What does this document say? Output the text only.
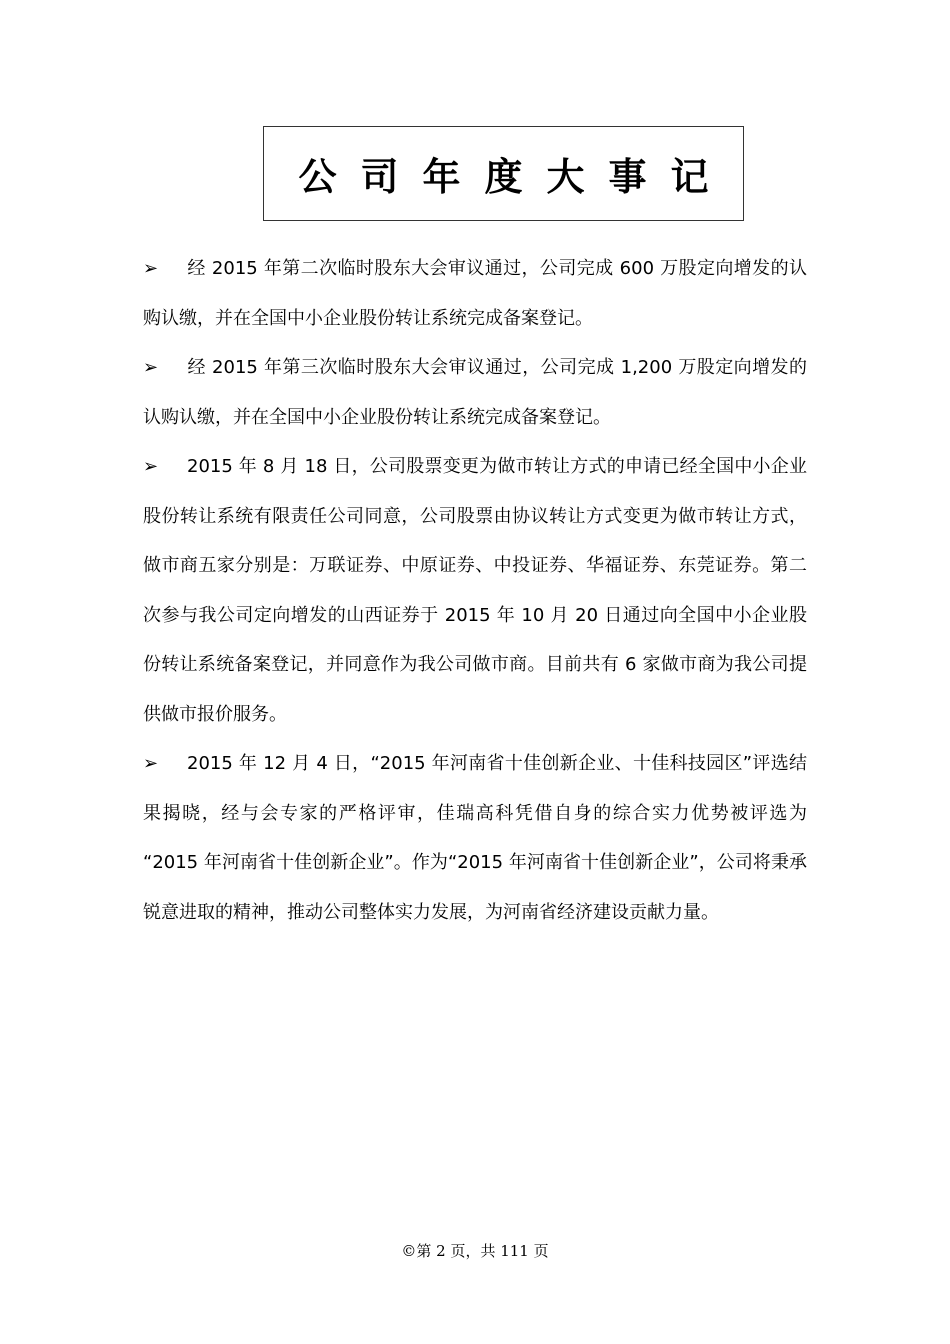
公司年度大事记

➢ 经 2015 年第二次临时股东大会审议通过，公司完成 600 万股定向增发的认购认缴，并在全国中小企业股份转让系统完成备案登记。

➢ 经 2015 年第三次临时股东大会审议通过，公司完成 1,200 万股定向增发的认购认缴，并在全国中小企业股份转让系统完成备案登记。

➢ 2015 年 8 月 18 日，公司股票变更为做市转让方式的申请已经全国中小企业股份转让系统有限责任公司同意，公司股票由协议转让方式变更为做市转让方式，做市商五家分别是：万联证券、中原证券、中投证券、华福证券、东莞证券。第二次参与我公司定向增发的山西证券于 2015 年 10 月 20 日通过向全国中小企业股份转让系统备案登记，并同意作为我公司做市商。目前共有 6 家做市商为我公司提供做市报价服务。

➢ 2015 年 12 月 4 日，“2015 年河南省十佳创新企业、十佳科技园区”评选结果揭晓，经与会专家的严格评审，佳瑞高科凭借自身的综合实力优势被评选为 “2015 年河南省十佳创新企业”。作为“2015 年河南省十佳创新企业”，公司将秉承锐意进取的精神，推动公司整体实力发展，为河南省经济建设贡献力量。

©第 2 页，共 111 页
